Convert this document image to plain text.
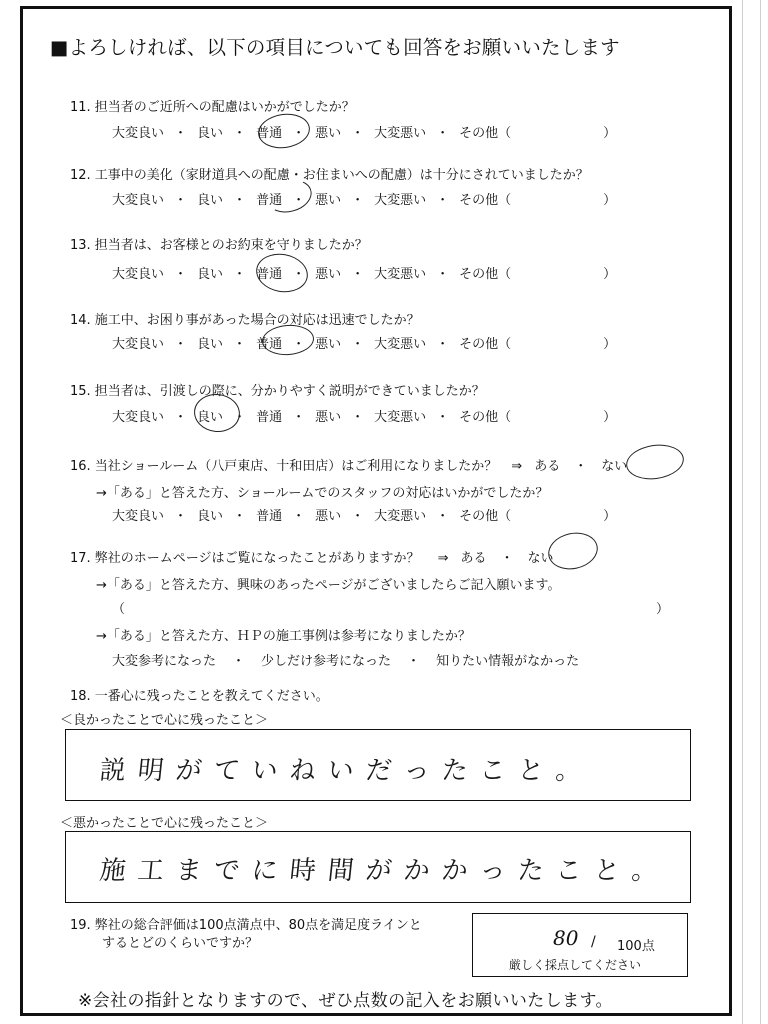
■よろしければ、以下の項目についても回答をお願いいたします
11. 担当者のご近所への配慮はいかがでしたか？
大変良い ・ 良い ・ 普通 ・ 悪い ・ 大変悪い ・ その他（	）
12. 工事中の美化（家財道具への配慮・お住まいへの配慮）は十分にされていましたか？
大変良い ・ 良い ・ 普通 ・ 悪い ・ 大変悪い ・ その他（	）
13. 担当者は、お客様とのお約束を守りましたか？
大変良い ・ 良い ・ 普通 ・ 悪い ・ 大変悪い ・ その他（	）
14. 施工中、お困り事があった場合の対応は迅速でしたか？
大変良い ・ 良い ・ 普通 ・ 悪い ・ 大変悪い ・ その他（	）
15. 担当者は、引渡しの際に、分かりやすく説明ができていましたか？
大変良い ・ 良い ・ 普通 ・ 悪い ・ 大変悪い ・ その他（	）
16. 当社ショールーム（八戸東店、十和田店）はご利用になりましたか？ ⇒ ある ・ ない
→「ある」と答えた方、ショールームでのスタッフの対応はいかがでしたか？
大変良い ・ 良い ・ 普通 ・ 悪い ・ 大変悪い ・ その他（	）
17. 弊社のホームページはご覧になったことがありますか？ ⇒ ある ・ ない
→「ある」と答えた方、興味のあったページがございましたらご記入願います。
（	）
→「ある」と答えた方、ＨＰの施工事例は参考になりましたか？
大変参考になった ・ 少しだけ参考になった ・ 知りたい情報がなかった
18. 一番心に残ったことを教えてください。
＜良かったことで心に残ったこと＞
説明がていねいだったこと。
＜悪かったことで心に残ったこと＞
施工までに時間がかかったこと。
19. 弊社の総合評価は100点満点中、80点を満足度ラインと
するとどのくらいですか？	80 / 100点
厳しく採点してください
※会社の指針となりますので、ぜひ点数の記入をお願いいたします。
